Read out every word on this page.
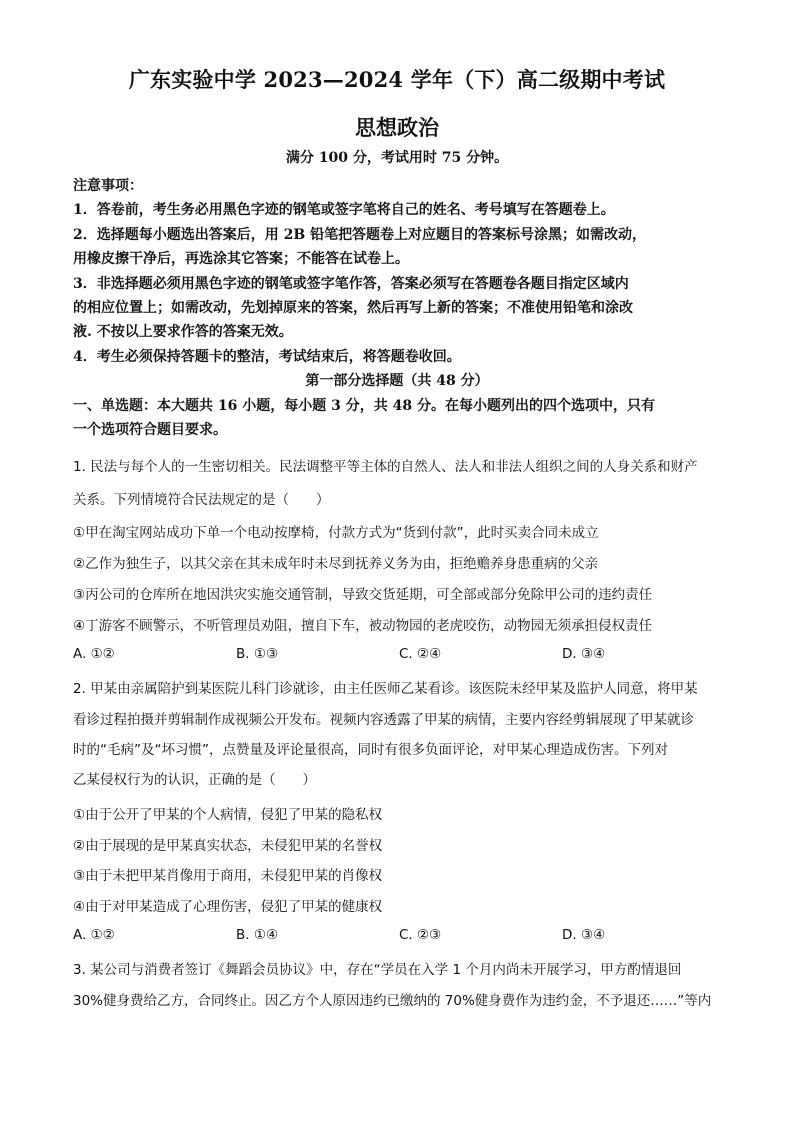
广东实验中学 2023—2024 学年（下）高二级期中考试
思想政治
满分 100 分，考试用时 75 分钟。
注意事项：
1．答卷前，考生务必用黑色字迹的钢笔或签字笔将自己的姓名、考号填写在答题卷上。
2．选择题每小题选出答案后，用 2B 铅笔把答题卷上对应题目的答案标号涂黑；如需改动，
用橡皮擦干净后，再选涂其它答案；不能答在试卷上。
3．非选择题必须用黑色字迹的钢笔或签字笔作答，答案必须写在答题卷各题目指定区域内
的相应位置上；如需改动，先划掉原来的答案，然后再写上新的答案；不准使用铅笔和涂改
液. 不按以上要求作答的答案无效。
4．考生必须保持答题卡的整洁，考试结束后，将答题卷收回。
第一部分选择题（共 48 分）
一、单选题：本大题共 16 小题，每小题 3 分，共 48 分。在每小题列出的四个选项中，只有
一个选项符合题目要求。
1. 民法与每个人的一生密切相关。民法调整平等主体的自然人、法人和非法人组织之间的人身关系和财产
关系。下列情境符合民法规定的是（　　）
①甲在淘宝网站成功下单一个电动按摩椅，付款方式为“货到付款”，此时买卖合同未成立
②乙作为独生子，以其父亲在其未成年时未尽到抚养义务为由，拒绝赡养身患重病的父亲
③丙公司的仓库所在地因洪灾实施交通管制，导致交货延期，可全部或部分免除甲公司的违约责任
④丁游客不顾警示，不听管理员劝阻，擅自下车，被动物园的老虎咬伤，动物园无须承担侵权责任
A. ①②	B. ①③	C. ②④	D. ③④
2. 甲某由亲属陪护到某医院儿科门诊就诊，由主任医师乙某看诊。该医院未经甲某及监护人同意，将甲某
看诊过程拍摄并剪辑制作成视频公开发布。视频内容透露了甲某的病情，主要内容经剪辑展现了甲某就诊
时的“毛病”及“坏习惯”，点赞量及评论量很高，同时有很多负面评论，对甲某心理造成伤害。下列对
乙某侵权行为的认识，正确的是（　　）
①由于公开了甲某的个人病情，侵犯了甲某的隐私权
②由于展现的是甲某真实状态，未侵犯甲某的名誉权
③由于未把甲某肖像用于商用，未侵犯甲某的肖像权
④由于对甲某造成了心理伤害，侵犯了甲某的健康权
A. ①②	B. ①④	C. ②③	D. ③④
3. 某公司与消费者签订《舞蹈会员协议》中，存在“学员在入学 1 个月内尚未开展学习，甲方酌情退回
30%健身费给乙方，合同终止。因乙方个人原因违约已缴纳的 70%健身费作为违约金，不予退还……”等内
